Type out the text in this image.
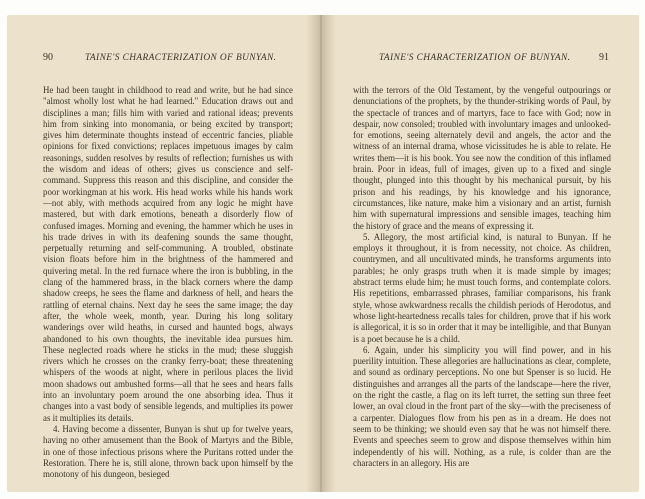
90	TAINE'S CHARACTERIZATION OF BUNYAN.

He had been taught in childhood to read and write, but he had since "almost wholly lost what he had learned." Education draws out and disciplines a man; fills him with varied and rational ideas; prevents him from sinking into monomania, or being excited by transport; gives him determinate thoughts instead of eccentric fancies, pliable opinions for fixed convictions; replaces impetuous images by calm reasonings, sudden resolves by results of reflection; furnishes us with the wisdom and ideas of others; gives us conscience and self-command. Suppress this reason and this discipline, and consider the poor workingman at his work. His head works while his hands work—not ably, with methods acquired from any logic he might have mastered, but with dark emotions, beneath a disorderly flow of confused images. Morning and evening, the hammer which he uses in his trade drives in with its deafening sounds the same thought, perpetually returning and self-communing. A troubled, obstinate vision floats before him in the brightness of the hammered and quivering metal. In the red furnace where the iron is bubbling, in the clang of the hammered brass, in the black corners where the damp shadow creeps, he sees the flame and darkness of hell, and hears the rattling of eternal chains. Next day he sees the same image; the day after, the whole week, month, year. During his long solitary wanderings over wild heaths, in cursed and haunted bogs, always abandoned to his own thoughts, the inevitable idea pursues him. These neglected roads where he sticks in the mud; these sluggish rivers which he crosses on the cranky ferry-boat; these threatening whispers of the woods at night, where in perilous places the livid moon shadows out ambushed forms—all that he sees and hears falls into an involuntary poem around the one absorbing idea. Thus it changes into a vast body of sensible legends, and multiplies its power as it multiplies its details.

4. Having become a dissenter, Bunyan is shut up for twelve years, having no other amusement than the Book of Martyrs and the Bible, in one of those infectious prisons where the Puritans rotted under the Restoration. There he is, still alone, thrown back upon himself by the monotony of his dungeon, besieged

TAINE'S CHARACTERIZATION OF BUNYAN.	91

with the terrors of the Old Testament, by the vengeful outpourings or denunciations of the prophets, by the thunder-striking words of Paul, by the spectacle of trances and of martyrs, face to face with God; now in despair, now consoled; troubled with involuntary images and unlooked-for emotions, seeing alternately devil and angels, the actor and the witness of an internal drama, whose vicissitudes he is able to relate. He writes them—it is his book. You see now the condition of this inflamed brain. Poor in ideas, full of images, given up to a fixed and single thought, plunged into this thought by his mechanical pursuit, by his prison and his readings, by his knowledge and his ignorance, circumstances, like nature, make him a visionary and an artist, furnish him with supernatural impressions and sensible images, teaching him the history of grace and the means of expressing it.

5. Allegory, the most artificial kind, is natural to Bunyan. If he employs it throughout, it is from necessity, not choice. As children, countrymen, and all uncultivated minds, he transforms arguments into parables; he only grasps truth when it is made simple by images; abstract terms elude him; he must touch forms, and contemplate colors. His repetitions, embarrassed phrases, familiar comparisons, his frank style, whose awkwardness recalls the childish periods of Herodotus, and whose light-heartedness recalls tales for children, prove that if his work is allegorical, it is so in order that it may be intelligible, and that Bunyan is a poet because he is a child.

6. Again, under his simplicity you will find power, and in his puerility intuition. These allegories are hallucinations as clear, complete, and sound as ordinary perceptions. No one but Spenser is so lucid. He distinguishes and arranges all the parts of the landscape—here the river, on the right the castle, a flag on its left turret, the setting sun three feet lower, an oval cloud in the front part of the sky—with the preciseness of a carpenter. Dialogues flow from his pen as in a dream. He does not seem to be thinking; we should even say that he was not himself there. Events and speeches seem to grow and dispose themselves within him independently of his will. Nothing, as a rule, is colder than are the characters in an allegory. His are
